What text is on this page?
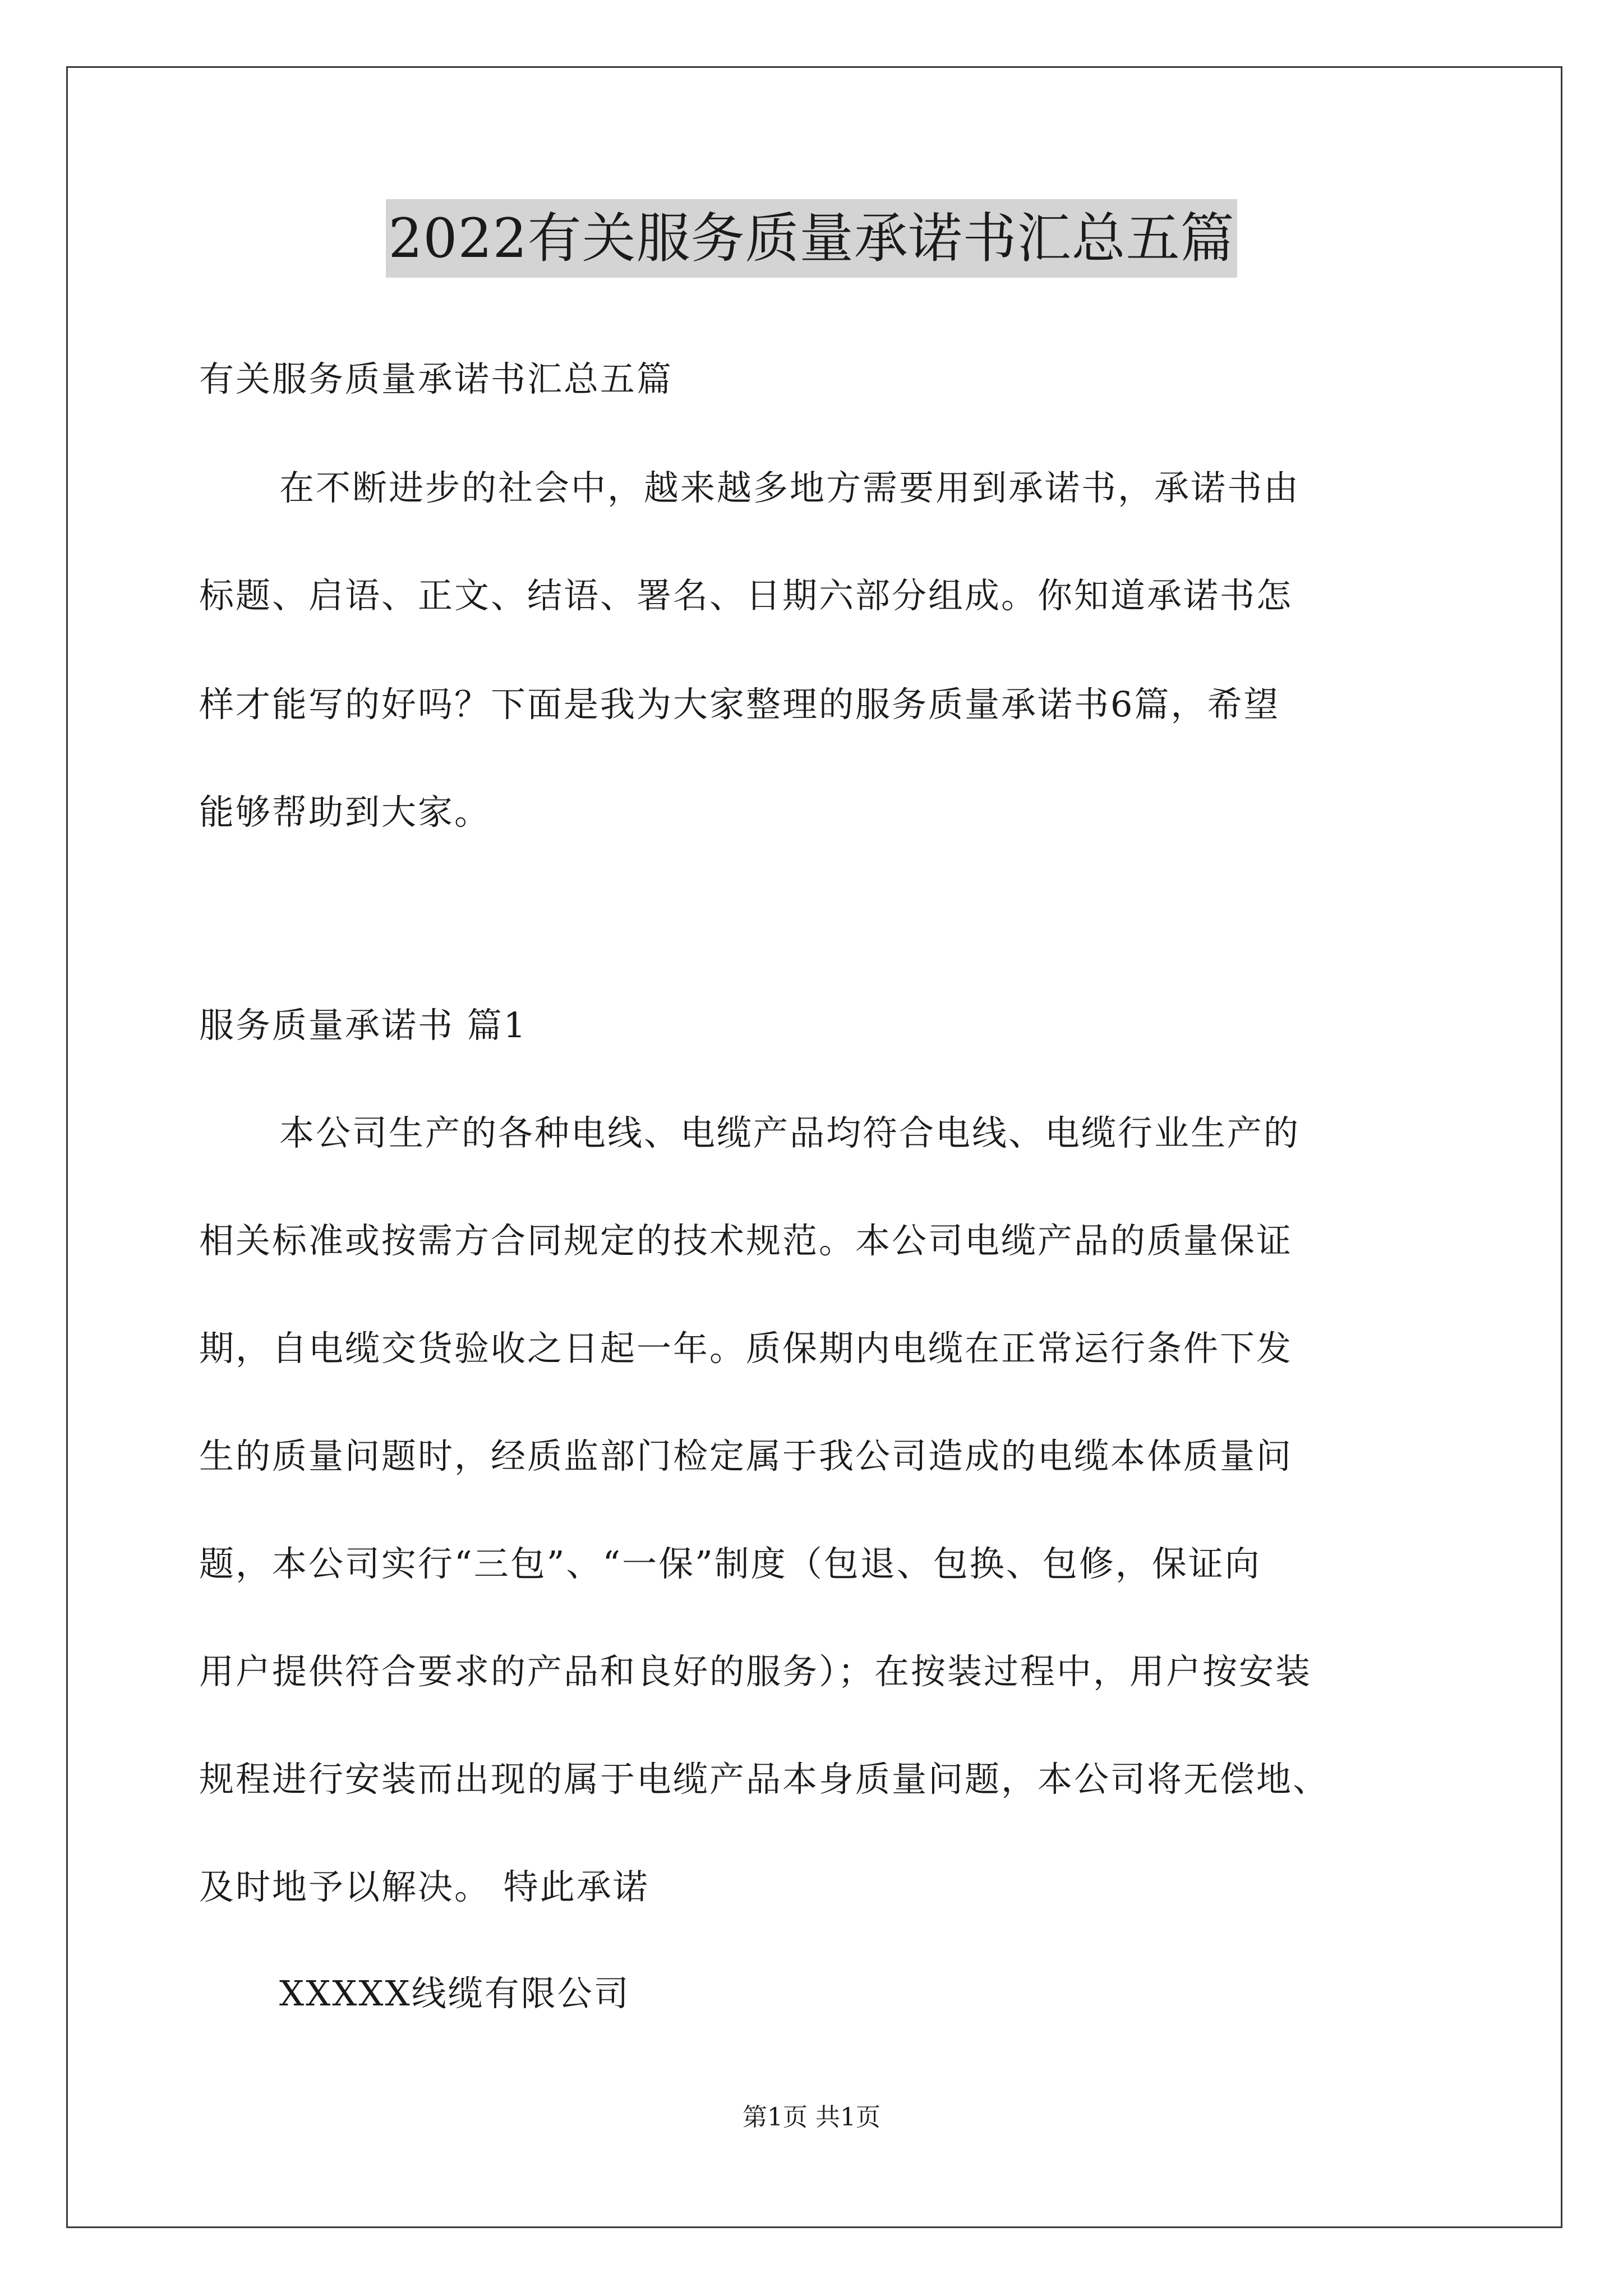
2022有关服务质量承诺书汇总五篇
有关服务质量承诺书汇总五篇
在不断进步的社会中，越来越多地方需要用到承诺书，承诺书由
标题、启语、正文、结语、署名、日期六部分组成。你知道承诺书怎
样才能写的好吗？下面是我为大家整理的服务质量承诺书6篇，希望
能够帮助到大家。
服务质量承诺书 篇1
本公司生产的各种电线、电缆产品均符合电线、电缆行业生产的
相关标准或按需方合同规定的技术规范。本公司电缆产品的质量保证
期，自电缆交货验收之日起一年。质保期内电缆在正常运行条件下发
生的质量问题时，经质监部门检定属于我公司造成的电缆本体质量问
题，本公司实行“三包”、“一保”制度（包退、包换、包修，保证向
用户提供符合要求的产品和良好的服务）；在按装过程中，用户按安装
规程进行安装而出现的属于电缆产品本身质量问题，本公司将无偿地、
及时地予以解决。 特此承诺
XXXXX线缆有限公司
第1页 共1页
